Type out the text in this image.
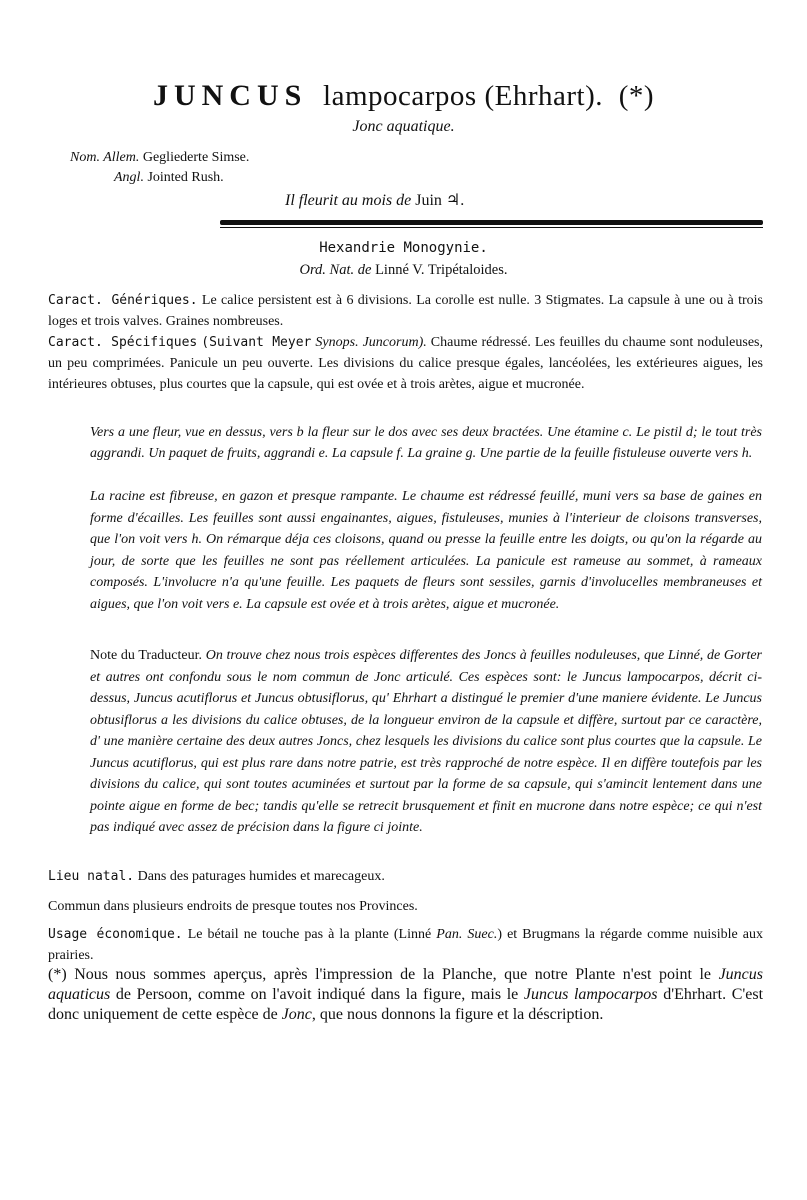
JUNCUS lampocarpos (Ehrhart). (*)
Jonc aquatique.
Nom. Allem. Gegliederte Simse.
Angl. Jointed Rush.
Il fleurit au mois de Juin ♃.
Hexandrie Monogynie.
Ord. Nat. de Linné V. Tripétaloides.
Caract. Génériques. Le calice persistent est à 6 divisions. La corolle est nulle. 3 Stigmates. La capsule à une ou à trois loges et trois valves. Graines nombreuses.
Caract. Spécifiques (Suivant Meyer Synops. Juncorum). Chaume rédressé. Les feuilles du chaume sont noduleuses, un peu comprimées. Panicule un peu ouverte. Les divisions du calice presque égales, lancéolées, les extérieures aigues, les intérieures obtuses, plus courtes que la capsule, qui est ovée et à trois arètes, aigue et mucronée.
Vers a une fleur, vue en dessus, vers b la fleur sur le dos avec ses deux bractées. Une étamine c. Le pistil d; le tout très aggrandi. Un paquet de fruits, aggrandi e. La capsule f. La graine g. Une partie de la feuille fistuleuse ouverte vers h.
La racine est fibreuse, en gazon et presque rampante. Le chaume est rédressé feuillé, muni vers sa base de gaines en forme d'écailles. Les feuilles sont aussi engainantes, aigues, fistuleuses, munies à l'interieur de cloisons transverses, que l'on voit vers h. On rémarque déja ces cloisons, quand ou presse la feuille entre les doigts, ou qu'on la régarde au jour, de sorte que les feuilles ne sont pas réellement articulées. La panicule est rameuse au sommet, à rameaux composés. L'involucre n'a qu'une feuille. Les paquets de fleurs sont sessiles, garnis d'involucelles membraneuses et aigues, que l'on voit vers e. La capsule est ovée et à trois arètes, aigue et mucronée.
Note du Traducteur. On trouve chez nous trois espèces differentes des Joncs à feuilles noduleuses, que Linné, de Gorter et autres ont confondu sous le nom commun de Jonc articulé. Ces espèces sont: le Juncus lampocarpos, décrit ci-dessus, Juncus acutiflorus et Juncus obtusiflorus, qu' Ehrhart a distingué le premier d'une maniere évidente. Le Juncus obtusiflorus a les divisions du calice obtuses, de la longueur environ de la capsule et diffère, surtout par ce caractère, d' une manière certaine des deux autres Joncs, chez lesquels les divisions du calice sont plus courtes que la capsule. Le Juncus acutiflorus, qui est plus rare dans notre patrie, est très rapproché de notre espèce. Il en diffère toutefois par les divisions du calice, qui sont toutes acuminées et surtout par la forme de sa capsule, qui s'amincit lentement dans une pointe aigue en forme de bec; tandis qu'elle se retrecit brusquement et finit en mucrone dans notre espèce; ce qui n'est pas indiqué avec assez de précision dans la figure ci jointe.
Lieu natal. Dans des paturages humides et marecageux.
Commun dans plusieurs endroits de presque toutes nos Provinces.
Usage économique. Le bétail ne touche pas à la plante (Linné Pan. Suec.) et Brugmans la régarde comme nuisible aux prairies.
(*) Nous nous sommes aperçus, après l'impression de la Planche, que notre Plante n'est point le Juncus aquaticus de Persoon, comme on l'avoit indiqué dans la figure, mais le Juncus lampocarpos d'Ehrhart. C'est donc uniquement de cette espèce de Jonc, que nous donnons la figure et la déscription.
